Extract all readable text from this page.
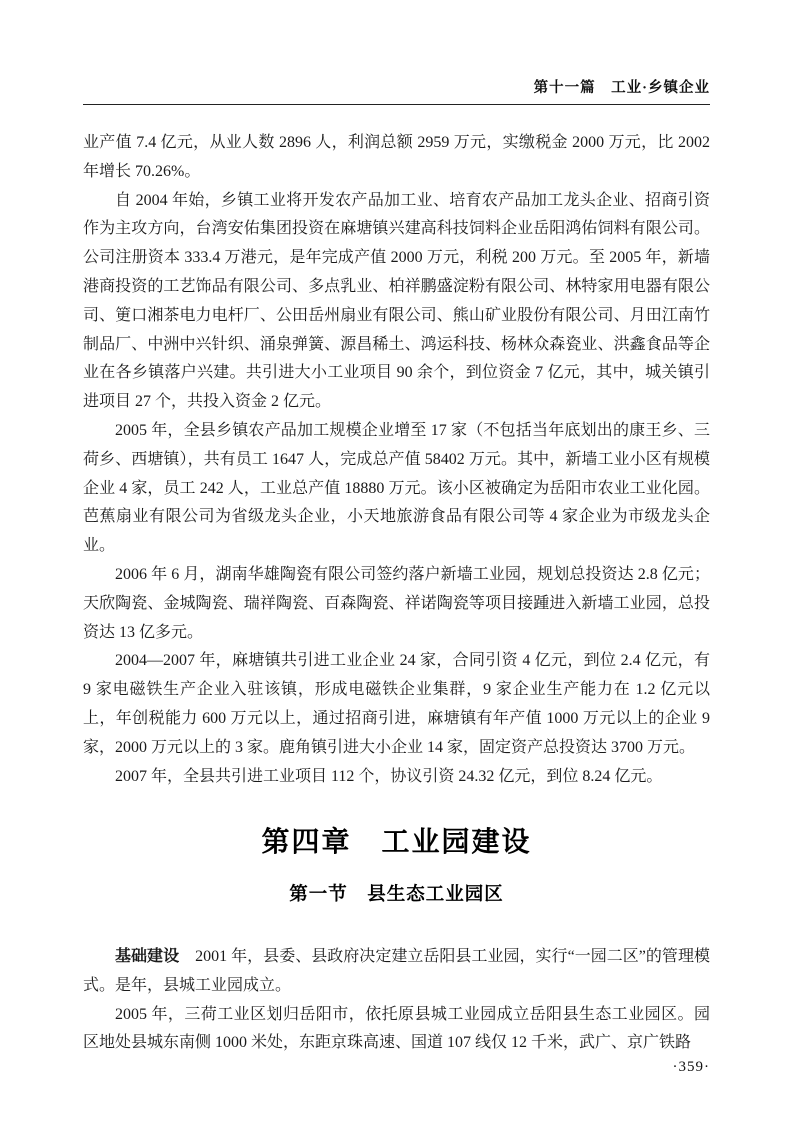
第十一篇　工业·乡镇企业

业产值 7.4 亿元，从业人数 2896 人，利润总额 2959 万元，实缴税金 2000 万元，比 2002 年增长 70.26%。

自 2004 年始，乡镇工业将开发农产品加工业、培育农产品加工龙头企业、招商引资作为主攻方向，台湾安佑集团投资在麻塘镇兴建高科技饲料企业岳阳鸿佑饲料有限公司。公司注册资本 333.4 万港元，是年完成产值 2000 万元，利税 200 万元。至 2005 年，新墙港商投资的工艺饰品有限公司、多点乳业、柏祥鹏盛淀粉有限公司、林特家用电器有限公司、筻口湘茶电力电杆厂、公田岳州扇业有限公司、熊山矿业股份有限公司、月田江南竹制品厂、中洲中兴针织、涌泉弹簧、源昌稀土、鸿运科技、杨林众森瓷业、洪鑫食品等企业在各乡镇落户兴建。共引进大小工业项目 90 余个，到位资金 7 亿元，其中，城关镇引进项目 27 个，共投入资金 2 亿元。

2005 年，全县乡镇农产品加工规模企业增至 17 家（不包括当年底划出的康王乡、三荷乡、西塘镇），共有员工 1647 人，完成总产值 58402 万元。其中，新墙工业小区有规模企业 4 家，员工 242 人，工业总产值 18880 万元。该小区被确定为岳阳市农业工业化园。芭蕉扇业有限公司为省级龙头企业，小天地旅游食品有限公司等 4 家企业为市级龙头企业。

2006 年 6 月，湖南华雄陶瓷有限公司签约落户新墙工业园，规划总投资达 2.8 亿元；天欣陶瓷、金城陶瓷、瑞祥陶瓷、百森陶瓷、祥诺陶瓷等项目接踵进入新墙工业园，总投资达 13 亿多元。

2004—2007 年，麻塘镇共引进工业企业 24 家，合同引资 4 亿元，到位 2.4 亿元，有 9 家电磁铁生产企业入驻该镇，形成电磁铁企业集群，9 家企业生产能力在 1.2 亿元以上，年创税能力 600 万元以上，通过招商引进，麻塘镇有年产值 1000 万元以上的企业 9 家，2000 万元以上的 3 家。鹿角镇引进大小企业 14 家，固定资产总投资达 3700 万元。

2007 年，全县共引进工业项目 112 个，协议引资 24.32 亿元，到位 8.24 亿元。

第四章　工业园建设
第一节　县生态工业园区

基础建设　2001 年，县委、县政府决定建立岳阳县工业园，实行“一园二区”的管理模式。是年，县城工业园成立。

2005 年，三荷工业区划归岳阳市，依托原县城工业园成立岳阳县生态工业园区。园区地处县城东南侧 1000 米处，东距京珠高速、国道 107 线仅 12 千米，武广、京广铁路

·359·
